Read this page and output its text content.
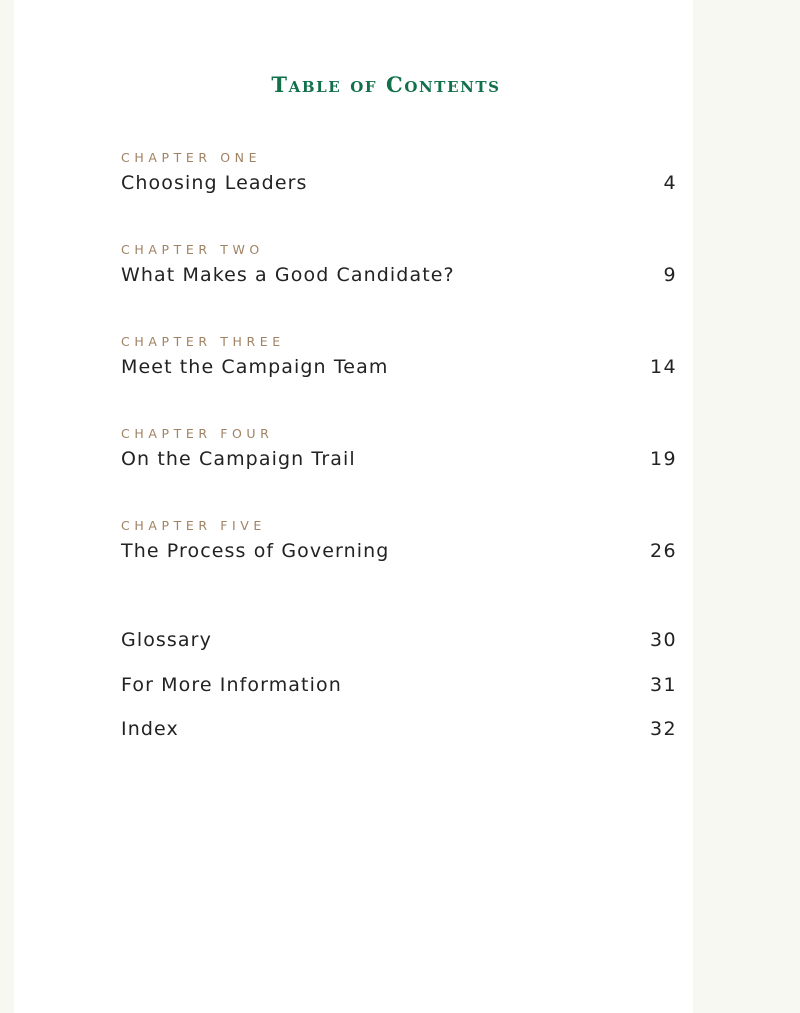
Table of Contents
CHAPTER ONE
Choosing Leaders	4
CHAPTER TWO
What Makes a Good Candidate?	9
CHAPTER THREE
Meet the Campaign Team	14
CHAPTER FOUR
On the Campaign Trail	19
CHAPTER FIVE
The Process of Governing	26
Glossary	30
For More Information	31
Index	32
